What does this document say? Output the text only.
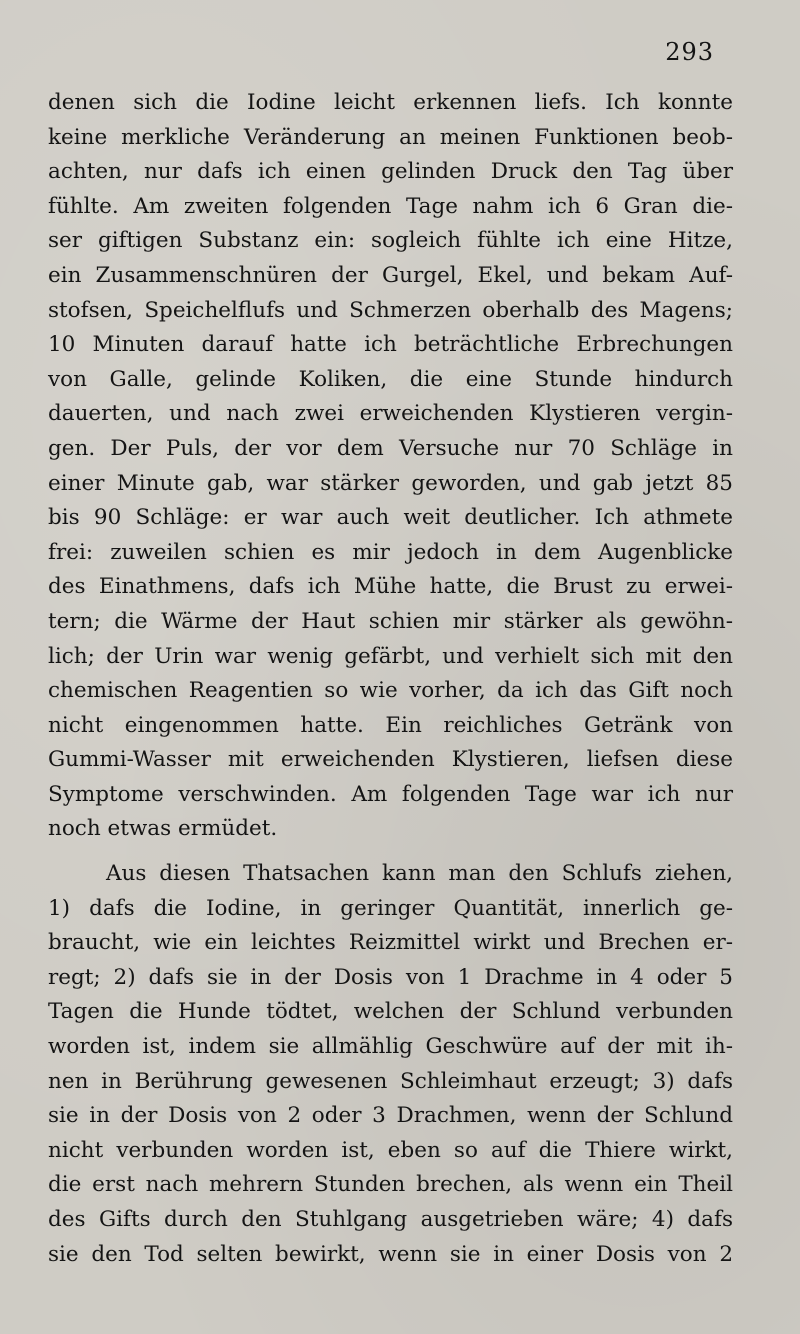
293
denen sich die Iodine leicht erkennen liefs. Ich konnte
keine merkliche Veränderung an meinen Funktionen beob-
achten, nur dafs ich einen gelinden Druck den Tag über
fühlte. Am zweiten folgenden Tage nahm ich 6 Gran die-
ser giftigen Substanz ein: sogleich fühlte ich eine Hitze,
ein Zusammenschnüren der Gurgel, Ekel, und bekam Auf-
stofsen, Speichelflufs und Schmerzen oberhalb des Magens;
10 Minuten darauf hatte ich beträchtliche Erbrechungen
von Galle, gelinde Koliken, die eine Stunde hindurch
dauerten, und nach zwei erweichenden Klystieren vergin-
gen. Der Puls, der vor dem Versuche nur 70 Schläge in
einer Minute gab, war stärker geworden, und gab jetzt 85
bis 90 Schläge: er war auch weit deutlicher. Ich athmete
frei: zuweilen schien es mir jedoch in dem Augenblicke
des Einathmens, dafs ich Mühe hatte, die Brust zu erwei-
tern; die Wärme der Haut schien mir stärker als gewöhn-
lich; der Urin war wenig gefärbt, und verhielt sich mit den
chemischen Reagentien so wie vorher, da ich das Gift noch
nicht eingenommen hatte. Ein reichliches Getränk von
Gummi-Wasser mit erweichenden Klystieren, liefsen diese
Symptome verschwinden. Am folgenden Tage war ich nur
noch etwas ermüdet.
Aus diesen Thatsachen kann man den Schlufs ziehen,
1) dafs die Iodine, in geringer Quantität, innerlich ge-
braucht, wie ein leichtes Reizmittel wirkt und Brechen er-
regt; 2) dafs sie in der Dosis von 1 Drachme in 4 oder 5
Tagen die Hunde tödtet, welchen der Schlund verbunden
worden ist, indem sie allmählig Geschwüre auf der mit ih-
nen in Berührung gewesenen Schleimhaut erzeugt; 3) dafs
sie in der Dosis von 2 oder 3 Drachmen, wenn der Schlund
nicht verbunden worden ist, eben so auf die Thiere wirkt,
die erst nach mehrern Stunden brechen, als wenn ein Theil
des Gifts durch den Stuhlgang ausgetrieben wäre; 4) dafs
sie den Tod selten bewirkt, wenn sie in einer Dosis von 2
